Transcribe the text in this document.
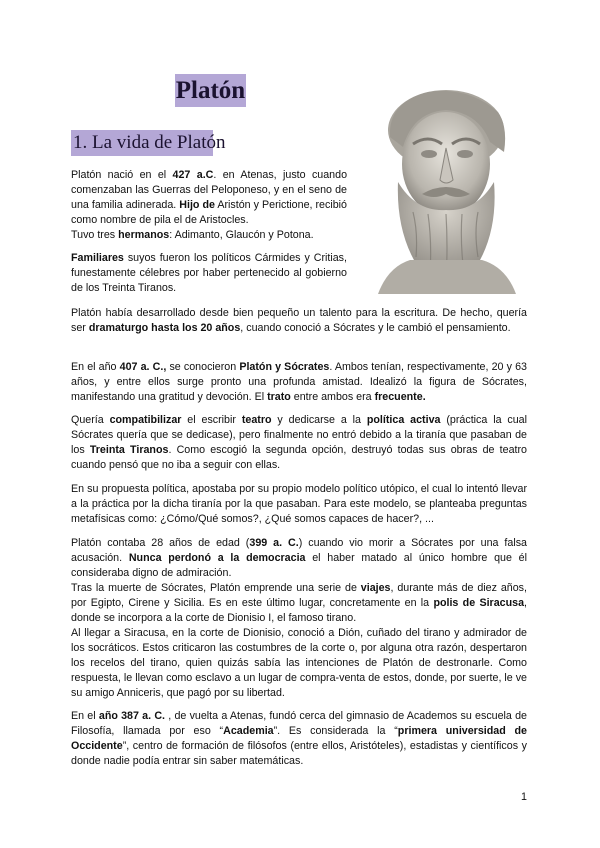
Platón
1. La vida de Platón

Platón nació en el 427 a.C. en Atenas, justo cuando comenzaban las Guerras del Peloponeso, y en el seno de una familia adinerada. Hijo de Aristón y Perictione, recibió como nombre de pila el de Aristocles.

Tuvo tres hermanos: Adimanto, Glaucón y Potona.

Familiares suyos fueron los políticos Cármides y Critias, funestamente célebres por haber pertenecido al gobierno de los Treinta Tiranos.

Platón había desarrollado desde bien pequeño un talento para la escritura. De hecho, quería ser dramaturgo hasta los 20 años, cuando conoció a Sócrates y le cambió el pensamiento.

En el año 407 a. C., se conocieron Platón y Sócrates. Ambos tenían, respectivamente, 20 y 63 años, y entre ellos surge pronto una profunda amistad. Idealizó la figura de Sócrates, manifestando una gratitud y devoción. El trato entre ambos era frecuente.

Quería compatibilizar el escribir teatro y dedicarse a la política activa (práctica la cual Sócrates quería que se dedicase), pero finalmente no entró debido a la tiranía que pasaban de los Treinta Tiranos. Como escogió la segunda opción, destruyó todas sus obras de teatro cuando pensó que no iba a seguir con ellas.

En su propuesta política, apostaba por su propio modelo político utópico, el cual lo intentó llevar a la práctica por la dicha tiranía por la que pasaban. Para este modelo, se planteaba preguntas metafísicas como: ¿Cómo/Qué somos?, ¿Qué somos capaces de hacer?, ...

Platón contaba 28 años de edad (399 a. C.) cuando vio morir a Sócrates por una falsa acusación. Nunca perdonó a la democracia el haber matado al único hombre que él consideraba digno de admiración.

Tras la muerte de Sócrates, Platón emprende una serie de viajes, durante más de diez años, por Egipto, Cirene y Sicilia. Es en este último lugar, concretamente en la polis de Siracusa, donde se incorpora a la corte de Dionisio I, el famoso tirano.

Al llegar a Siracusa, en la corte de Dionisio, conoció a Dión, cuñado del tirano y admirador de los socráticos. Estos criticaron las costumbres de la corte o, por alguna otra razón, despertaron los recelos del tirano, quien quizás sabía las intenciones de Platón de destronarle. Como respuesta, le llevan como esclavo a un lugar de compra-venta de estos, donde, por suerte, le ve su amigo Anniceris, que pagó por su libertad.

En el año 387 a. C. , de vuelta a Atenas, fundó cerca del gimnasio de Academos su escuela de Filosofía, llamada por eso “Academia”. Es considerada la “primera universidad de Occidente”, centro de formación de filósofos (entre ellos, Aristóteles), estadistas y científicos y donde nadie podía entrar sin saber matemáticas.

1
